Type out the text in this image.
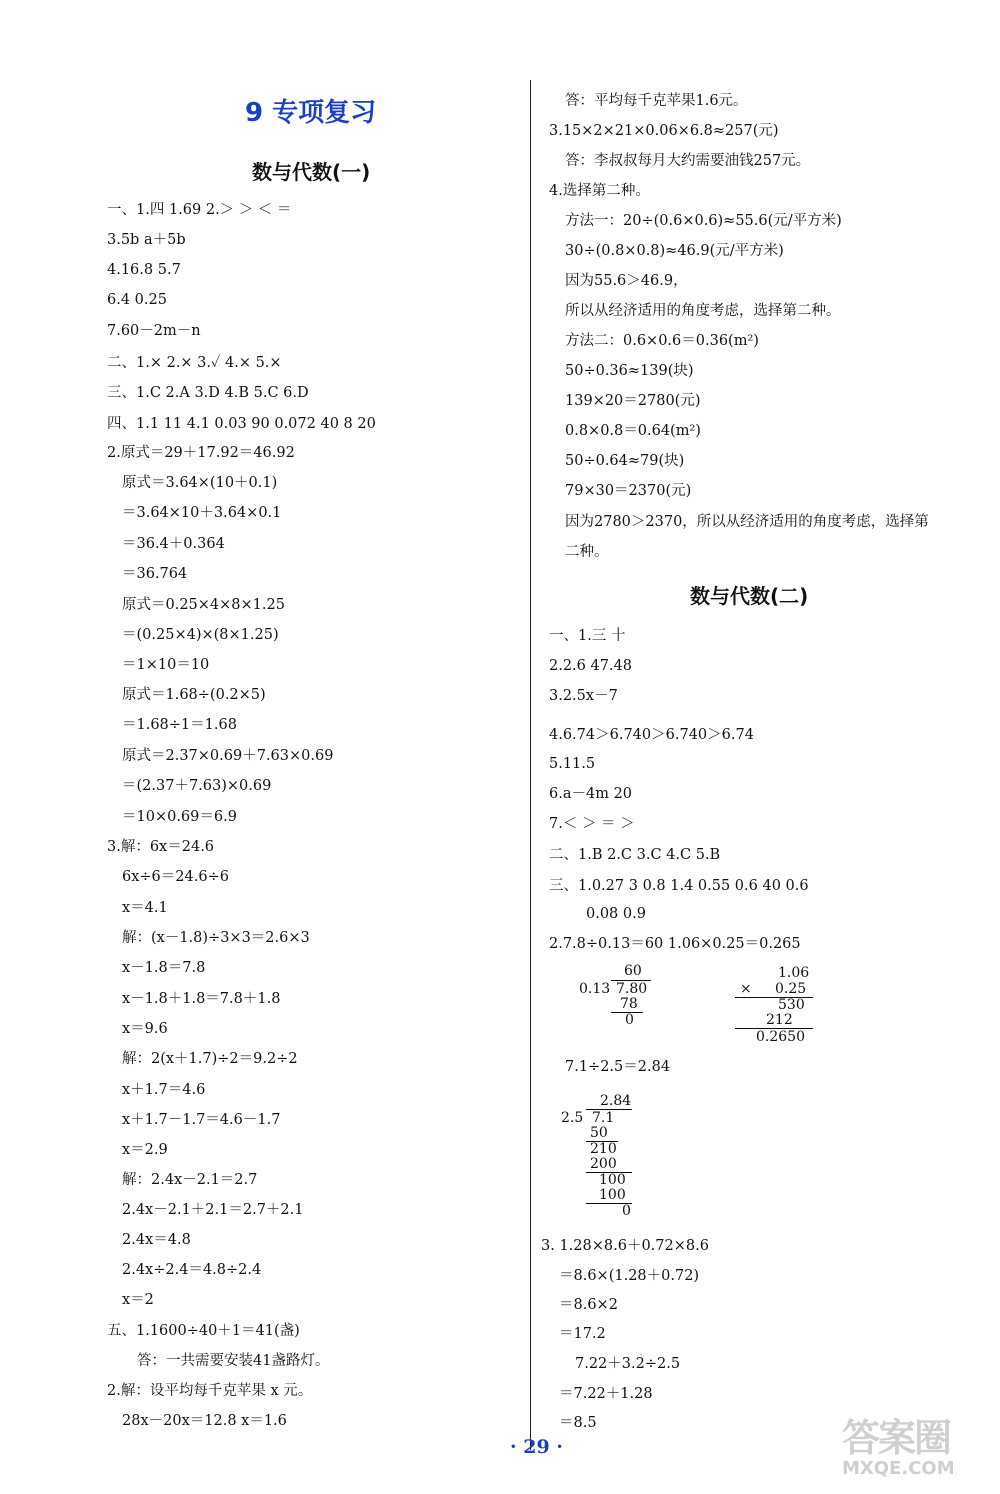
9 专项复习
数与代数(一)
一、1.四 1.69 2.＞ ＞ ＜ ＝
3.5b a＋5b
4.16.8 5.7
6.4 0.25
7.60－2m－n
二、1.× 2.× 3.✓ 4.× 5.×
三、1.C 2.A 3.D 4.B 5.C 6.D
四、1.1 11 4.1 0.03 90 0.072 40 8 20
2.原式＝29＋17.92＝46.92
原式＝3.64×(10＋0.1)
＝3.64×10＋3.64×0.1
＝36.4＋0.364
＝36.764
原式＝0.25×4×8×1.25
＝(0.25×4)×(8×1.25)
＝1×10＝10
原式＝1.68÷(0.2×5)
＝1.68÷1＝1.68
原式＝2.37×0.69＋7.63×0.69
＝(2.37＋7.63)×0.69
＝10×0.69＝6.9
3.解：6x＝24.6
6x÷6＝24.6÷6
x＝4.1
解：(x－1.8)÷3×3＝2.6×3
x－1.8＝7.8
x－1.8＋1.8＝7.8＋1.8
x＝9.6
解：2(x＋1.7)÷2＝9.2÷2
x＋1.7＝4.6
x＋1.7－1.7＝4.6－1.7
x＝2.9
解：2.4x－2.1＝2.7
2.4x－2.1＋2.1＝2.7＋2.1
2.4x＝4.8
2.4x÷2.4＝4.8÷2.4
x＝2
五、1.1600÷40＋1＝41(盏)
答：一共需要安装41盏路灯。
2.解：设平均每千克苹果 x 元。
28x－20x＝12.8 x＝1.6
答：平均每千克苹果1.6元。
3.15×2×21×0.06×6.8≈257(元)
答：李叔叔每月大约需要油钱257元。
4.选择第二种。
方法一：20÷(0.6×0.6)≈55.6(元/平方米)
30÷(0.8×0.8)≈46.9(元/平方米)
因为55.6＞46.9，
所以从经济适用的角度考虑，选择第二种。
方法二：0.6×0.6＝0.36(m²)
50÷0.36≈139(块)
139×20＝2780(元)
0.8×0.8＝0.64(m²)
50÷0.64≈79(块)
79×30＝2370(元)
因为2780＞2370，所以从经济适用的角度考虑，选择第
二种。
数与代数(二)
一、1.三 十
2.2.6 47.48
3.2.5x－7
4.6.74＞6.740＞6.740＞6.74
5.11.5
6.a－4m 20
7.＜ ＞ ＝ ＞
二、1.B 2.C 3.C 4.C 5.B
三、1.0.27 3 0.8 1.4 0.55 0.6 40 0.6
0.08 0.9
2.7.8÷0.13＝60 1.06×0.25＝0.265
60
0.13 7.80
78
0
1.06
× 0.25
530
212
0.2650
7.1÷2.5＝2.84
2.84
2.5 7.1
50
210
200
100
100
0
3. 1.28×8.6＋0.72×8.6
＝8.6×(1.28＋0.72)
＝8.6×2
＝17.2
7.22＋3.2÷2.5
＝7.22＋1.28
＝8.5
· 29 ·	答案圈
MXQE.COM
